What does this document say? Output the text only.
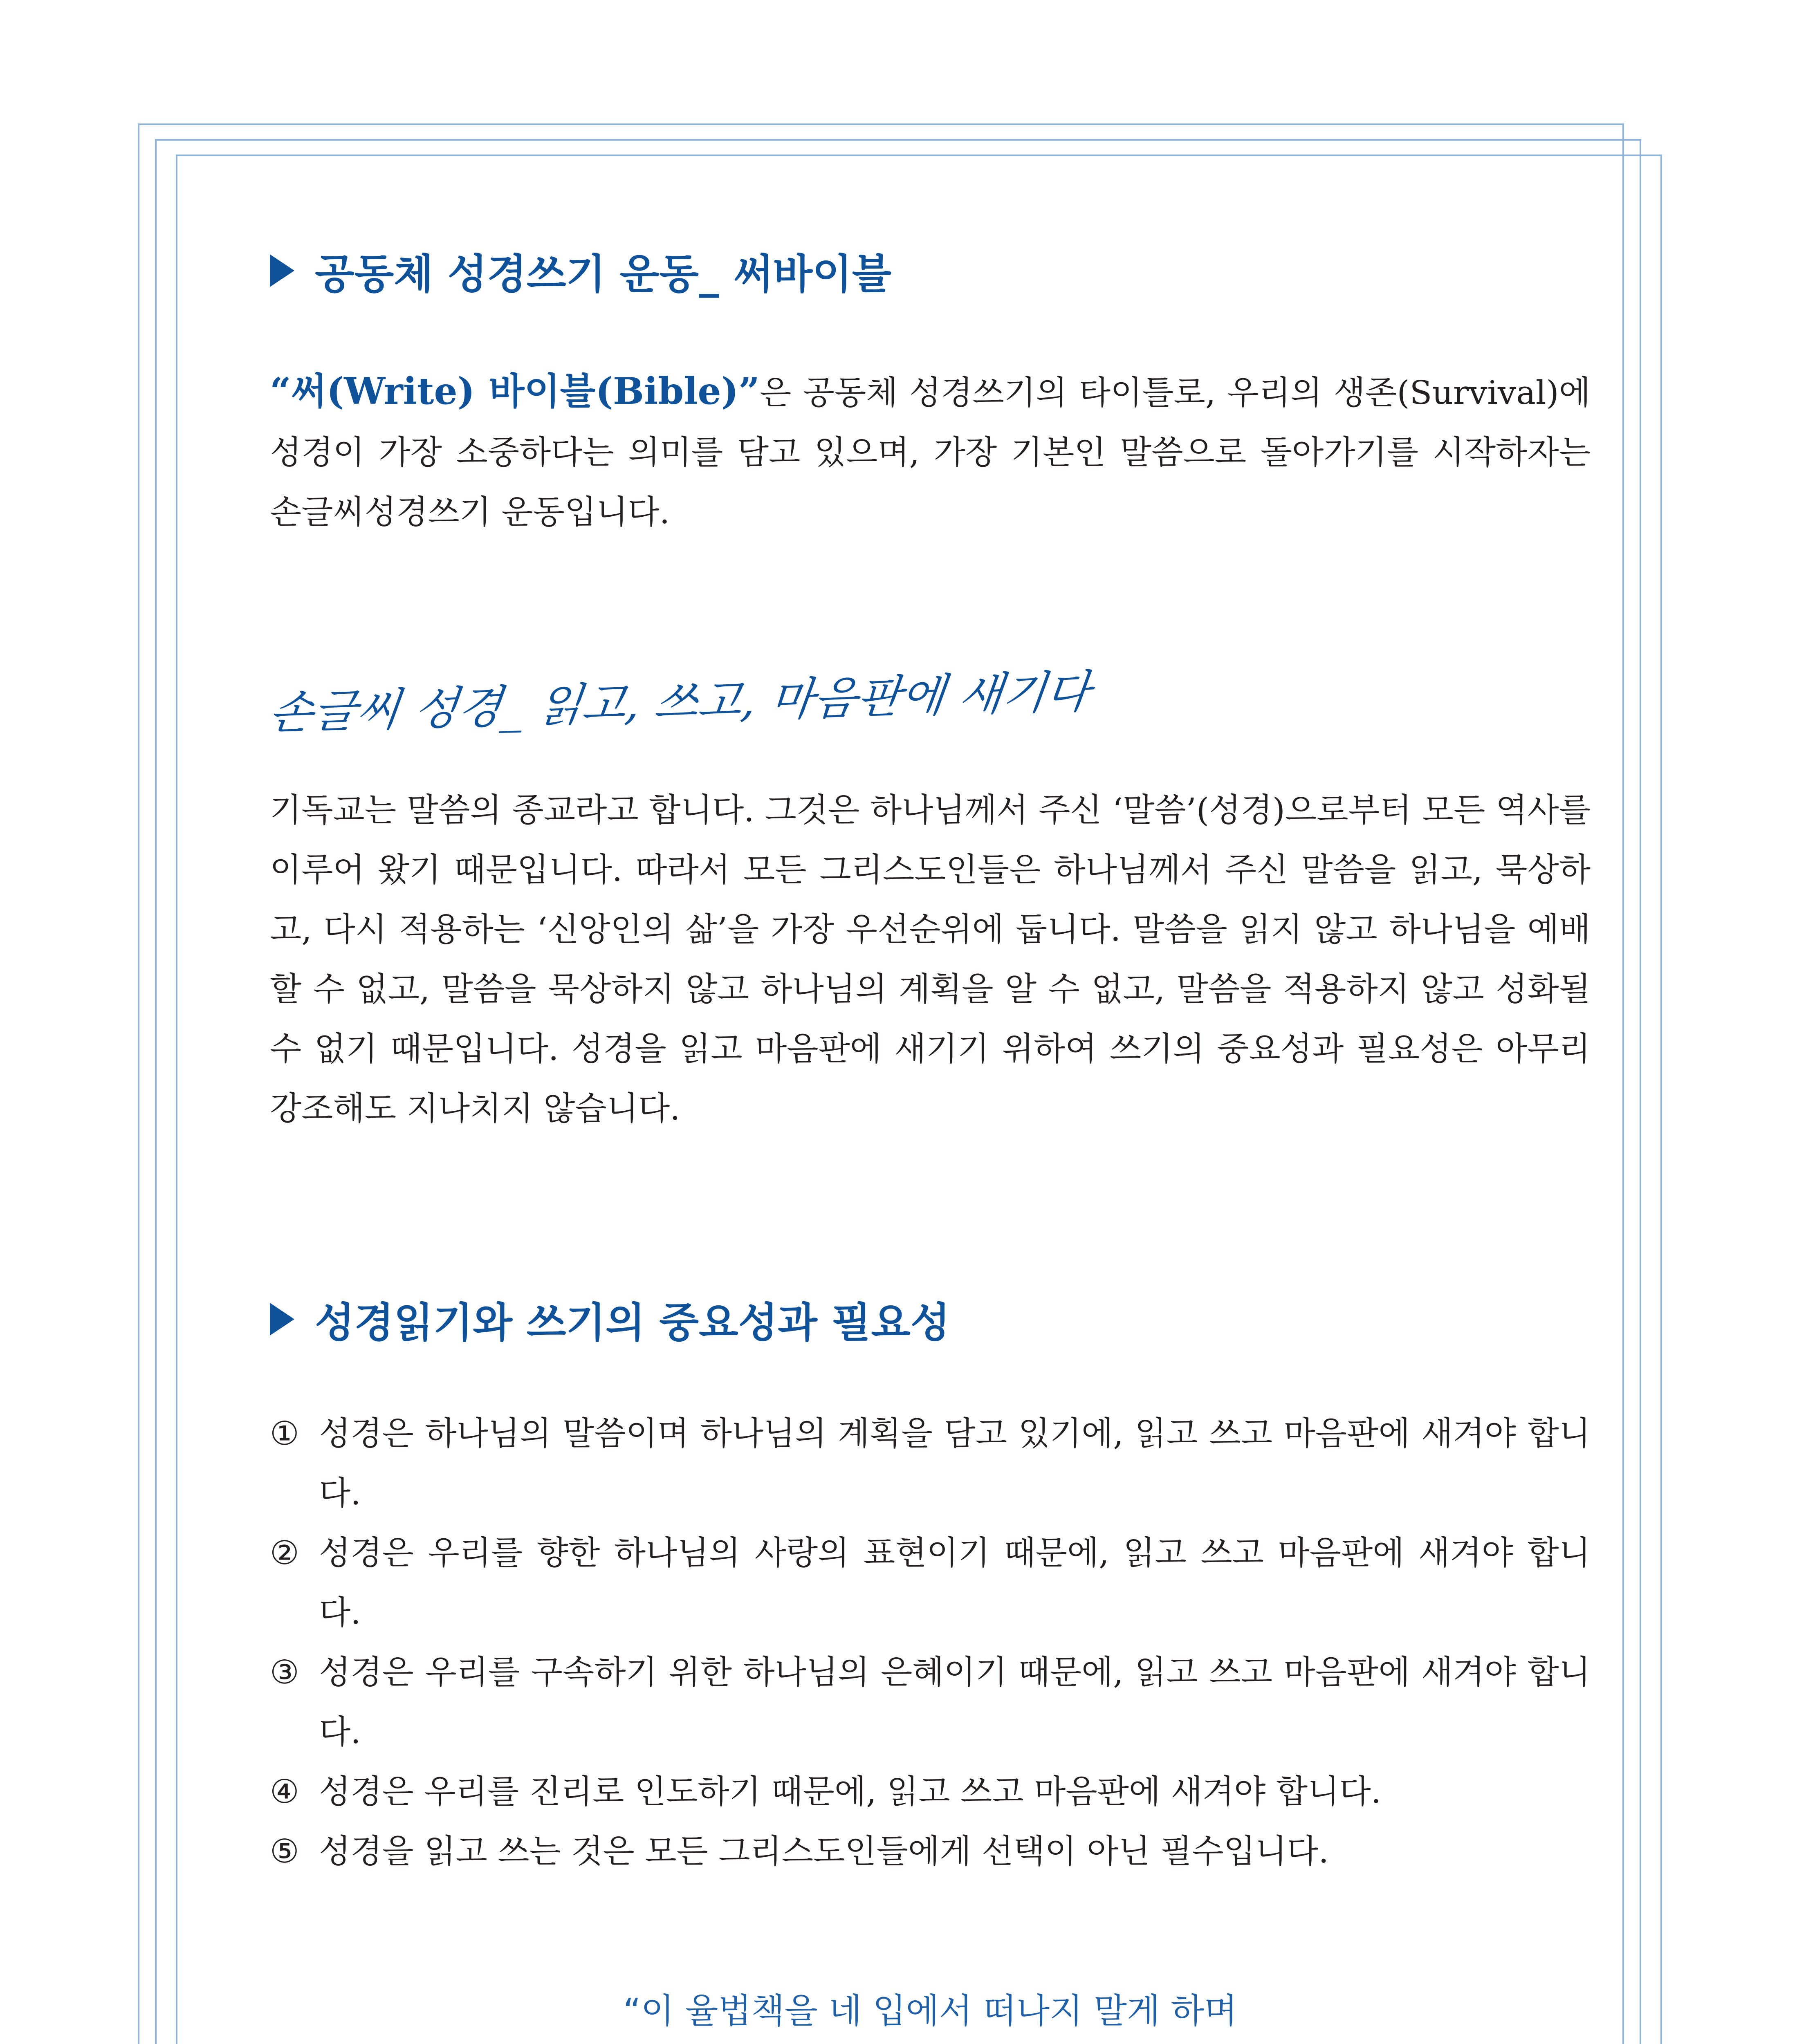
공동체 성경쓰기 운동_ 써바이블

“써(Write) 바이블(Bible)”은 공동체 성경쓰기의 타이틀로, 우리의 생존(Survival)에 성경이 가장 소중하다는 의미를 담고 있으며, 가장 기본인 말씀으로 돌아가기를 시작하자는 손글씨성경쓰기 운동입니다.

손글씨 성경_ 읽고, 쓰고, 마음판에 새기다

기독교는 말씀의 종교라고 합니다. 그것은 하나님께서 주신 ‘말씀’(성경)으로부터 모든 역사를 이루어 왔기 때문입니다. 따라서 모든 그리스도인들은 하나님께서 주신 말씀을 읽고, 묵상하고, 다시 적용하는 ‘신앙인의 삶’을 가장 우선순위에 둡니다. 말씀을 읽지 않고 하나님을 예배할 수 없고, 말씀을 묵상하지 않고 하나님의 계획을 알 수 없고, 말씀을 적용하지 않고 성화될 수 없기 때문입니다. 성경을 읽고 마음판에 새기기 위하여 쓰기의 중요성과 필요성은 아무리 강조해도 지나치지 않습니다.

성경읽기와 쓰기의 중요성과 필요성
① 성경은 하나님의 말씀이며 하나님의 계획을 담고 있기에, 읽고 쓰고 마음판에 새겨야 합니다.
② 성경은 우리를 향한 하나님의 사랑의 표현이기 때문에, 읽고 쓰고 마음판에 새겨야 합니다.
③ 성경은 우리를 구속하기 위한 하나님의 은혜이기 때문에, 읽고 쓰고 마음판에 새겨야 합니다.
④ 성경은 우리를 진리로 인도하기 때문에, 읽고 쓰고 마음판에 새겨야 합니다.
⑤ 성경을 읽고 쓰는 것은 모든 그리스도인들에게 선택이 아닌 필수입니다.
“이 율법책을 네 입에서 떠나지 말게 하며
